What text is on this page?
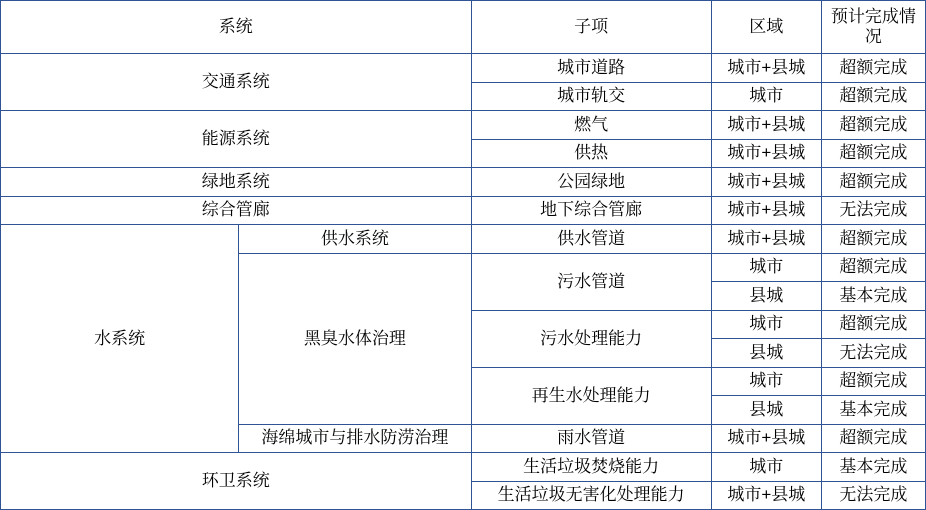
系统		子项	区域	预计完成情况
交通系统		城市道路	城市+县城	超额完成
		城市轨交	城市	超额完成
能源系统		燃气	城市+县城	超额完成
		供热	城市+县城	超额完成
绿地系统		公园绿地	城市+县城	超额完成
综合管廊		地下综合管廊	城市+县城	无法完成
水系统	供水系统	供水管道	城市+县城	超额完成
	黑臭水体治理	污水管道	城市	超额完成
			县城	基本完成
		污水处理能力	城市	超额完成
			县城	无法完成
		再生水处理能力	城市	超额完成
			县城	基本完成
	海绵城市与排水防涝治理	雨水管道	城市+县城	超额完成
环卫系统		生活垃圾焚烧能力	城市	基本完成
		生活垃圾无害化处理能力	城市+县城	无法完成
